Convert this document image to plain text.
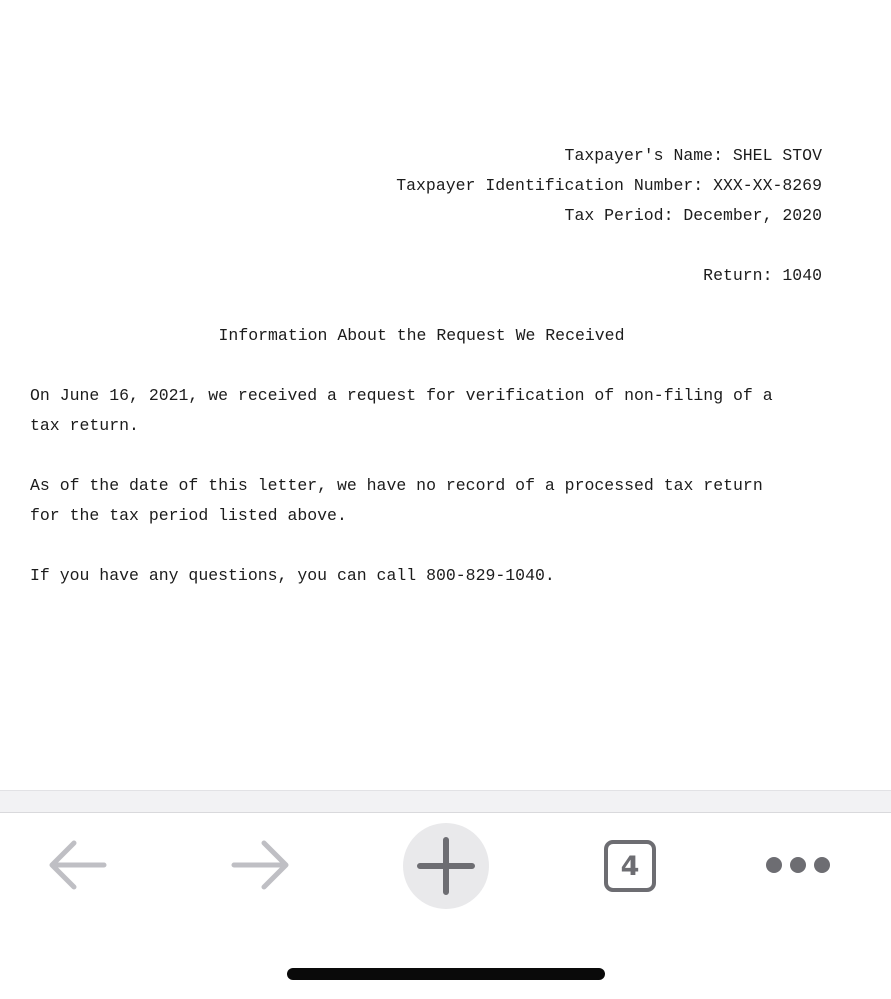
Taxpayer's Name: SHEL STOV
Taxpayer Identification Number: XXX-XX-8269
Tax Period: December, 2020
Return: 1040
Information About the Request We Received
On June 16, 2021, we received a request for verification of non-filing of a
tax return.
As of the date of this letter, we have no record of a processed tax return
for the tax period listed above.
If you have any questions, you can call 800-829-1040.
4
